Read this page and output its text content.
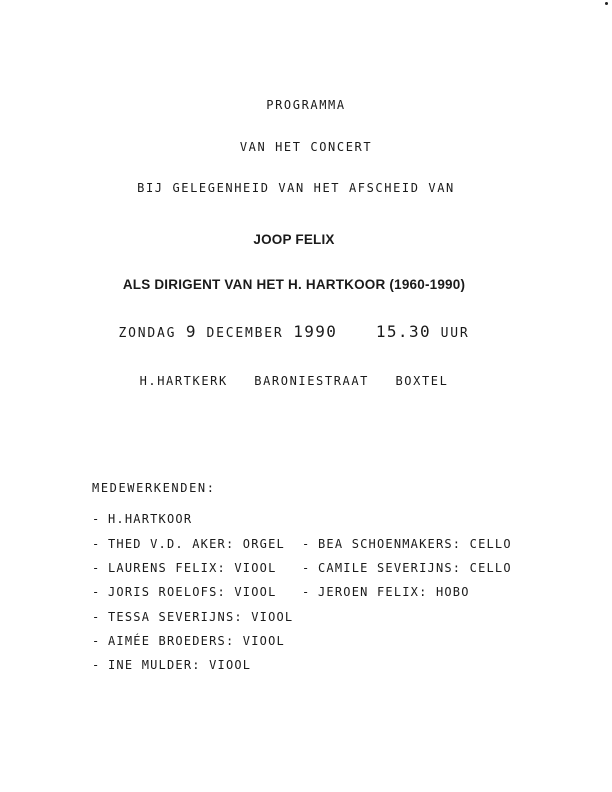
PROGRAMMA
VAN HET CONCERT
BIJ GELEGENHEID VAN HET AFSCHEID VAN
JOOP FELIX
ALS DIRIGENT VAN HET H. HARTKOOR (1960-1990)
ZONDAG 9 DECEMBER 1990 15.30 UUR
H.HARTKERK   BARONIESTRAAT   BOXTEL
MEDEWERKENDEN:
- H.HARTKOOR
- THED V.D. AKER: ORGEL
- LAURENS FELIX: VIOOL
- JORIS ROELOFS: VIOOL
- TESSA SEVERIJNS: VIOOL
- AIMÉE BROEDERS: VIOOL
- INE MULDER: VIOOL
- BEA SCHOENMAKERS: CELLO
- CAMILE SEVERIJNS: CELLO
- JEROEN FELIX: HOBO
